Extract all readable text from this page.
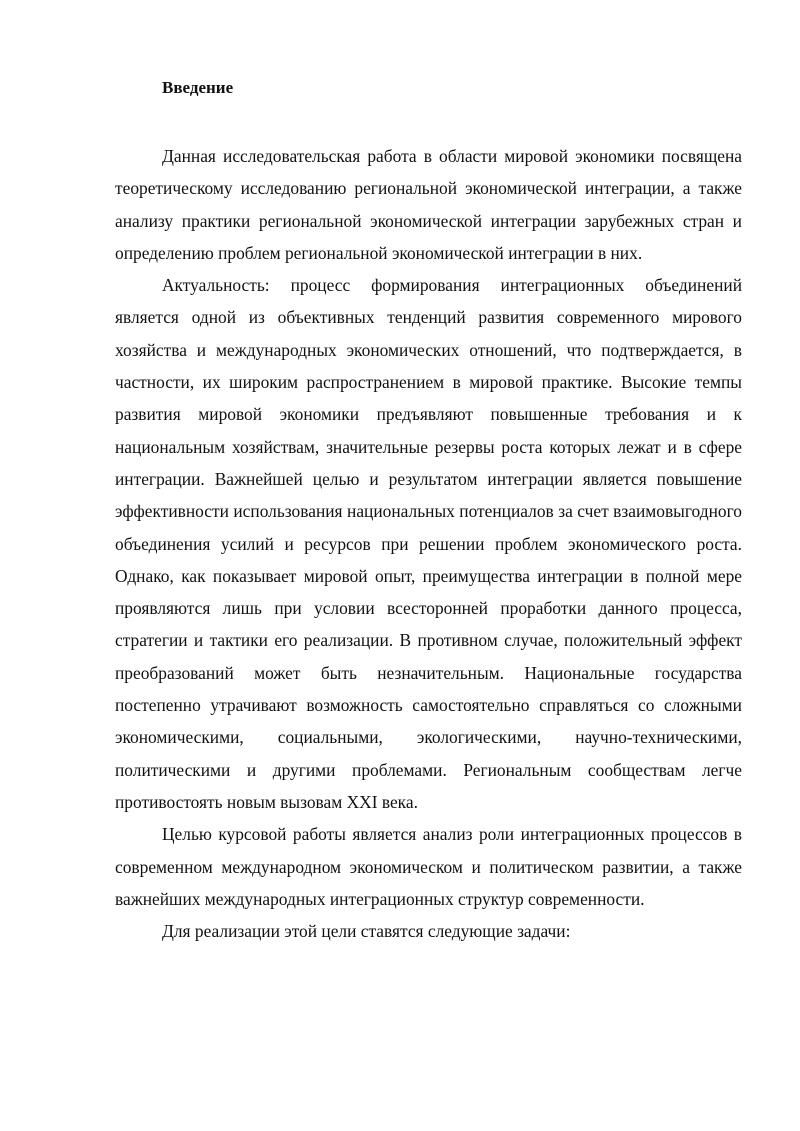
Введение

Данная исследовательская работа в области мировой экономики посвящена теоретическому исследованию региональной экономической интеграции, а также анализу практики региональной экономической интеграции зарубежных стран и определению проблем региональной экономической интеграции в них.

Актуальность: процесс формирования интеграционных объединений является одной из объективных тенденций развития современного мирового хозяйства и международных экономических отношений, что подтверждается, в частности, их широким распространением в мировой практике. Высокие темпы развития мировой экономики предъявляют повышенные требования и к национальным хозяйствам, значительные резервы роста которых лежат и в сфере интеграции. Важнейшей целью и результатом интеграции является повышение эффективности использования национальных потенциалов за счет взаимовыгодного объединения усилий и ресурсов при решении проблем экономического роста. Однако, как показывает мировой опыт, преимущества интеграции в полной мере проявляются лишь при условии всесторонней проработки данного процесса, стратегии и тактики его реализации. В противном случае, положительный эффект преобразований может быть незначительным. Национальные государства постепенно утрачивают возможность самостоятельно справляться со сложными экономическими, социальными, экологическими, научно-техническими, политическими и другими проблемами. Региональным сообществам легче противостоять новым вызовам XXI века.

Целью курсовой работы является анализ роли интеграционных процессов в современном международном экономическом и политическом развитии, а также важнейших международных интеграционных структур современности.

Для реализации этой цели ставятся следующие задачи:
